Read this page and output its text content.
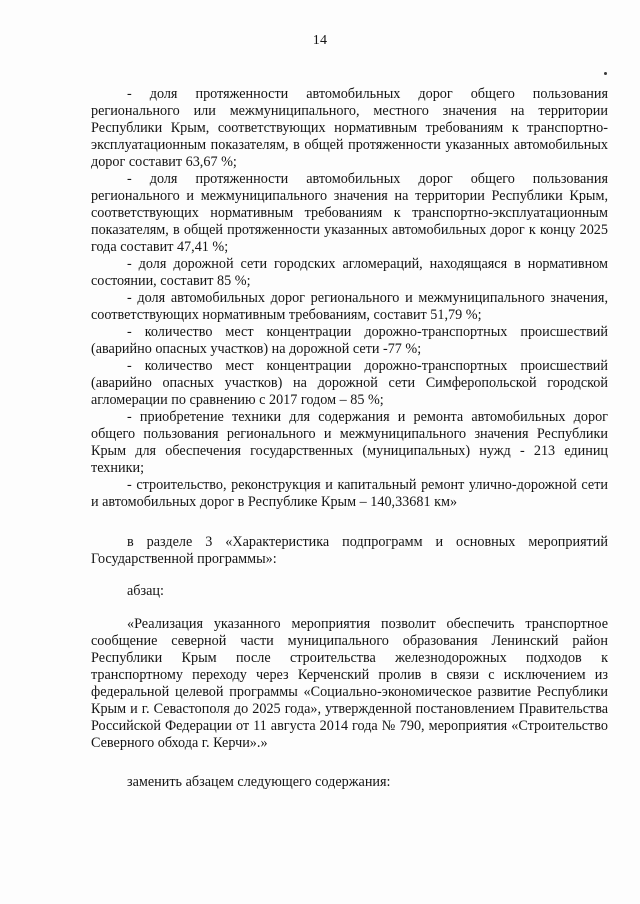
14

- доля протяженности автомобильных дорог общего пользования регионального или межмуниципального, местного значения на территории Республики Крым, соответствующих нормативным требованиям к транспортно-эксплуатационным показателям, в общей протяженности указанных автомобильных дорог составит 63,67 %;

- доля протяженности автомобильных дорог общего пользования регионального и межмуниципального значения на территории Республики Крым, соответствующих нормативным требованиям к транспортно-эксплуатационным показателям, в общей протяженности указанных автомобильных дорог к концу 2025 года составит 47,41 %;

- доля дорожной сети городских агломераций, находящаяся в нормативном состоянии, составит 85 %;

- доля автомобильных дорог регионального и межмуниципального значения, соответствующих нормативным требованиям, составит 51,79 %;

- количество мест концентрации дорожно-транспортных происшествий (аварийно опасных участков) на дорожной сети -77 %;

- количество мест концентрации дорожно-транспортных происшествий (аварийно опасных участков) на дорожной сети Симферопольской городской агломерации по сравнению с 2017 годом – 85 %;

- приобретение техники для содержания и ремонта автомобильных дорог общего пользования регионального и межмуниципального значения Республики Крым для обеспечения государственных (муниципальных) нужд - 213 единиц техники;

- строительство, реконструкция и капитальный ремонт улично-дорожной сети и автомобильных дорог в Республике Крым – 140,33681 км»

в разделе 3 «Характеристика подпрограмм и основных мероприятий Государственной программы»:

абзац:

«Реализация указанного мероприятия позволит обеспечить транспортное сообщение северной части муниципального образования Ленинский район Республики Крым после строительства железнодорожных подходов к транспортному переходу через Керченский пролив в связи с исключением из федеральной целевой программы «Социально-экономическое развитие Республики Крым и г. Севастополя до 2025 года», утвержденной постановлением Правительства Российской Федерации от 11 августа 2014 года № 790, мероприятия «Строительство Северного обхода г. Керчи».»

заменить абзацем следующего содержания:
